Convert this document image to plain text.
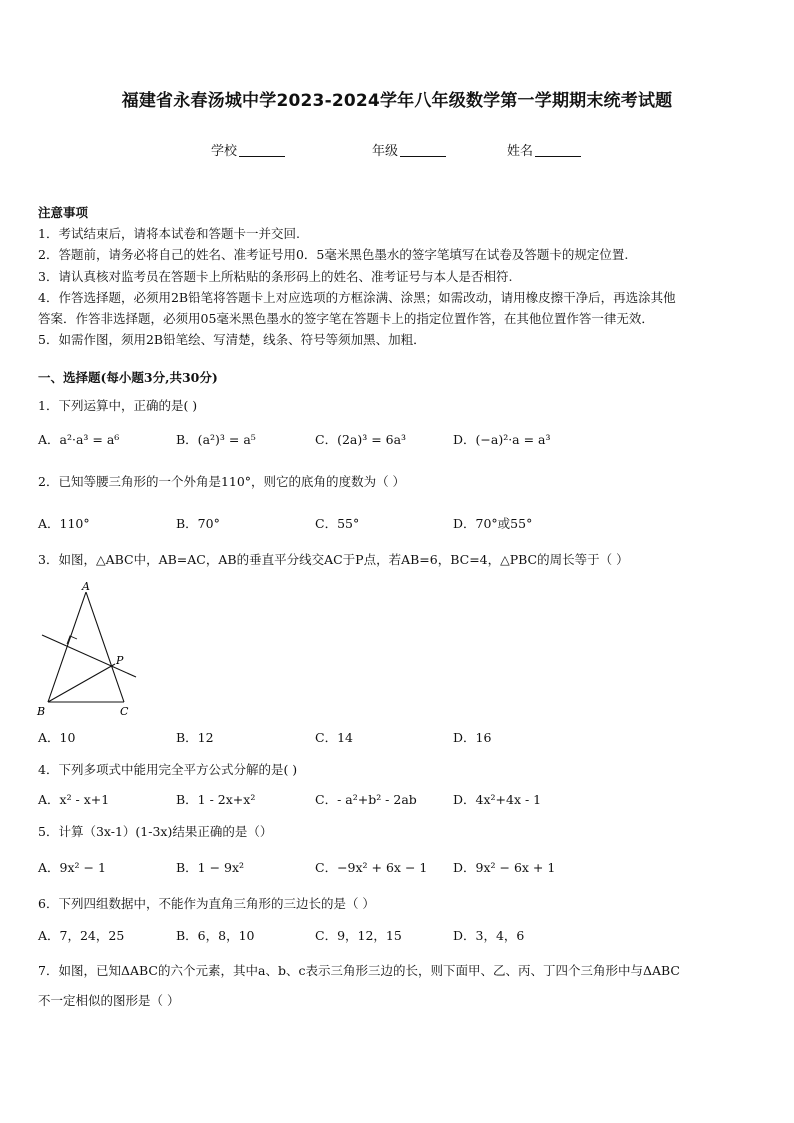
福建省永春汤城中学2023-2024学年八年级数学第一学期期末统考试题
学校	年级	姓名
注意事项
1．考试结束后，请将本试卷和答题卡一并交回.
2．答题前，请务必将自己的姓名、准考证号用0．5毫米黑色墨水的签字笔填写在试卷及答题卡的规定位置.
3．请认真核对监考员在答题卡上所粘贴的条形码上的姓名、准考证号与本人是否相符.
4．作答选择题，必须用2B铅笔将答题卡上对应选项的方框涂满、涂黑；如需改动，请用橡皮擦干净后，再选涂其他
答案．作答非选择题，必须用05毫米黑色墨水的签字笔在答题卡上的指定位置作答，在其他位置作答一律无效．
5．如需作图，须用2B铅笔绘、写清楚，线条、符号等须加黑、加粗．
一、选择题(每小题3分,共30分)
1．下列运算中，正确的是( )
A．a²·a³ = a⁶	B．(a²)³ = a⁵	C．(2a)³ = 6a³	D．(−a)²·a = a³
2．已知等腰三角形的一个外角是110°，则它的底角的度数为（ ）
A．110°	B．70°	C．55°	D．70°或55°
3．如图，△ABC中，AB=AC，AB的垂直平分线交AC于P点，若AB=6，BC=4，△PBC的周长等于（ ）
A
B	C
P
A．10	B．12	C．14	D．16
4．下列多项式中能用完全平方公式分解的是( )
A．x² - x+1	B．1 - 2x+x²	C．- a²+b² - 2ab	D．4x²+4x - 1
5．计算（3x-1）(1-3x)结果正确的是（）
A．9x² − 1	B．1 − 9x²	C．−9x² + 6x − 1 D．9x² − 6x + 1
6．下列四组数据中，不能作为直角三角形的三边长的是（ ）
A．7，24，25	B．6，8，10	C．9，12，15	D．3，4，6
7．如图，已知ΔABC的六个元素，其中a、b、c表示三角形三边的长，则下面甲、乙、丙、丁四个三角形中与ΔABC
不一定相似的图形是（ ）
